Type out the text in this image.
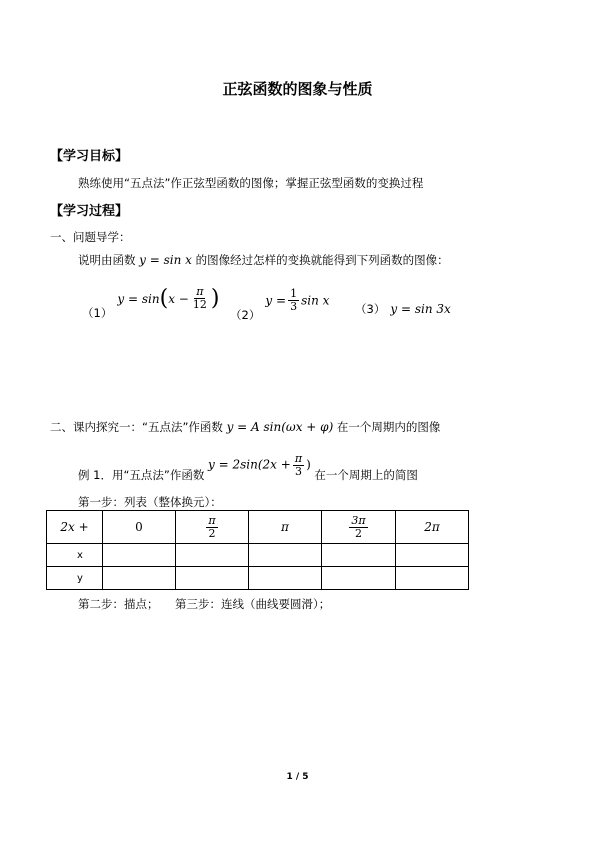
正弦函数的图象与性质
【学习目标】
熟练使用“五点法”作正弦型函数的图像；掌握正弦型函数的变换过程
【学习过程】
一、问题导学：
说明由函数 y = sin x 的图像经过怎样的变换就能得到下列函数的图像：
$_{(1)}$ $y = \sin(x - \frac{\pi}{12}$ )
$_{(2)}$ $y = \frac{1}{3}$ sin x
（3） y = sin 3x
二、课内探究一：“五点法”作函数 y = A sin(ωx + φ) 在一个周期内的图像
例 1．用“五点法”作函数 $y = 2\sin(2x + \frac{\pi}{3}$ ) 在一个周期上的简图
第一步：列表（整体换元）：
2x +	0	$\frac{\pi}{2}$	π	$\frac{3\pi}{2}$	2π
x					
y					
第二步：描点； 第三步：连线（曲线要圆滑）；
1 / 5
